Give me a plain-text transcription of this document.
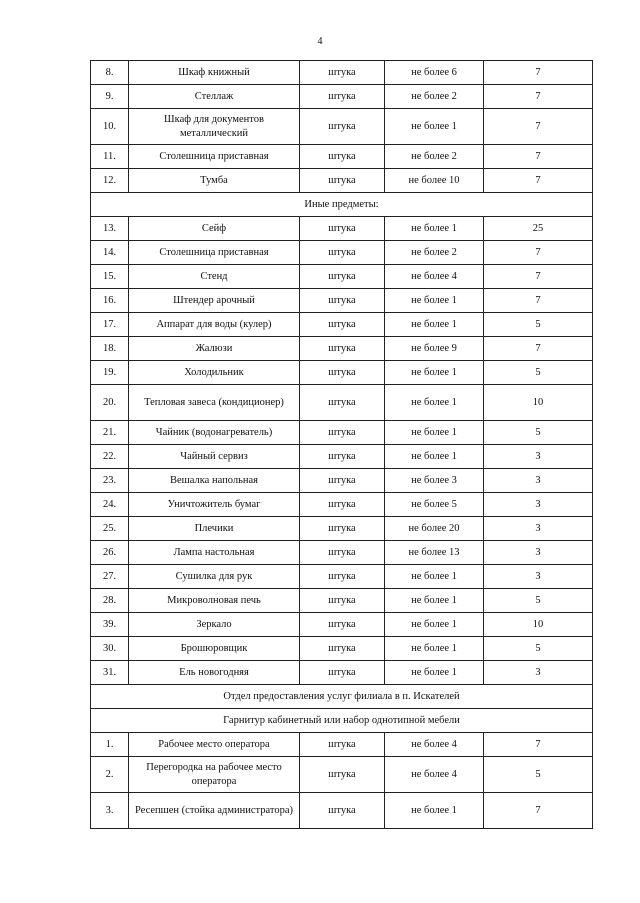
4
8.	Шкаф книжный	штука	не более 6	7
9.	Стеллаж	штука	не более 2	7
10.	Шкаф для документов металлический	штука	не более 1	7
11.	Столешница приставная	штука	не более 2	7
12.	Тумба	штука	не более 10	7
Иные предметы:				
13.	Сейф	штука	не более 1	25
14.	Столешница приставная	штука	не более 2	7
15.	Стенд	штука	не более 4	7
16.	Штендер арочный	штука	не более 1	7
17.	Аппарат для воды (кулер)	штука	не более 1	5
18.	Жалюзи	штука	не более 9	7
19.	Холодильник	штука	не более 1	5
20.	Тепловая завеса (кондиционер)	штука	не более 1	10
21.	Чайник (водонагреватель)	штука	не более 1	5
22.	Чайный сервиз	штука	не более 1	3
23.	Вешалка напольная	штука	не более 3	3
24.	Уничтожитель бумаг	штука	не более 5	3
25.	Плечики	штука	не более 20	3
26.	Лампа настольная	штука	не более 13	3
27.	Сушилка для рук	штука	не более 1	3
28.	Микроволновая печь	штука	не более 1	5
39.	Зеркало	штука	не более 1	10
30.	Брошюровщик	штука	не более 1	5
31.	Ель новогодняя	штука	не более 1	3
Отдел предоставления услуг филиала в п. Искателей				
Гарнитур кабинетный или набор однотипной мебели				
1.	Рабочее место оператора	штука	не более 4	7
2.	Перегородка на рабочее место оператора	штука	не более 4	5
3.	Ресепшен (стойка администратора)	штука	не более 1	7
